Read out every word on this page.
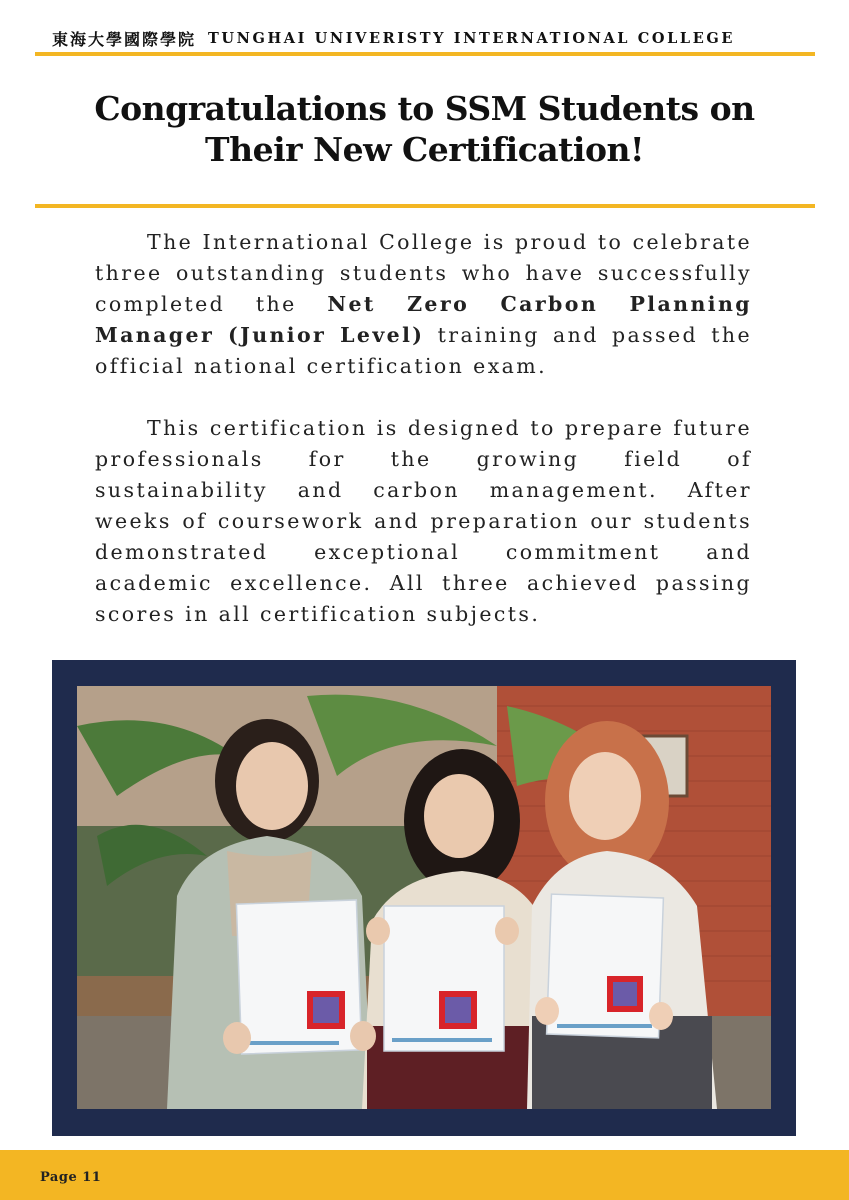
東海大學國際學院 TUNGHAI UNIVERISTY INTERNATIONAL COLLEGE
Congratulations to SSM Students on
Their New Certification!

The International College is proud to celebrate three outstanding students who have successfully completed the Net Zero Carbon Planning Manager (Junior Level) training and passed the official national certification exam.

This certification is designed to prepare future professionals for the growing field of sustainability and carbon management. After weeks of coursework and preparation our students demonstrated exceptional commitment and academic excellence. All three achieved passing scores in all certification subjects.

Page 11
